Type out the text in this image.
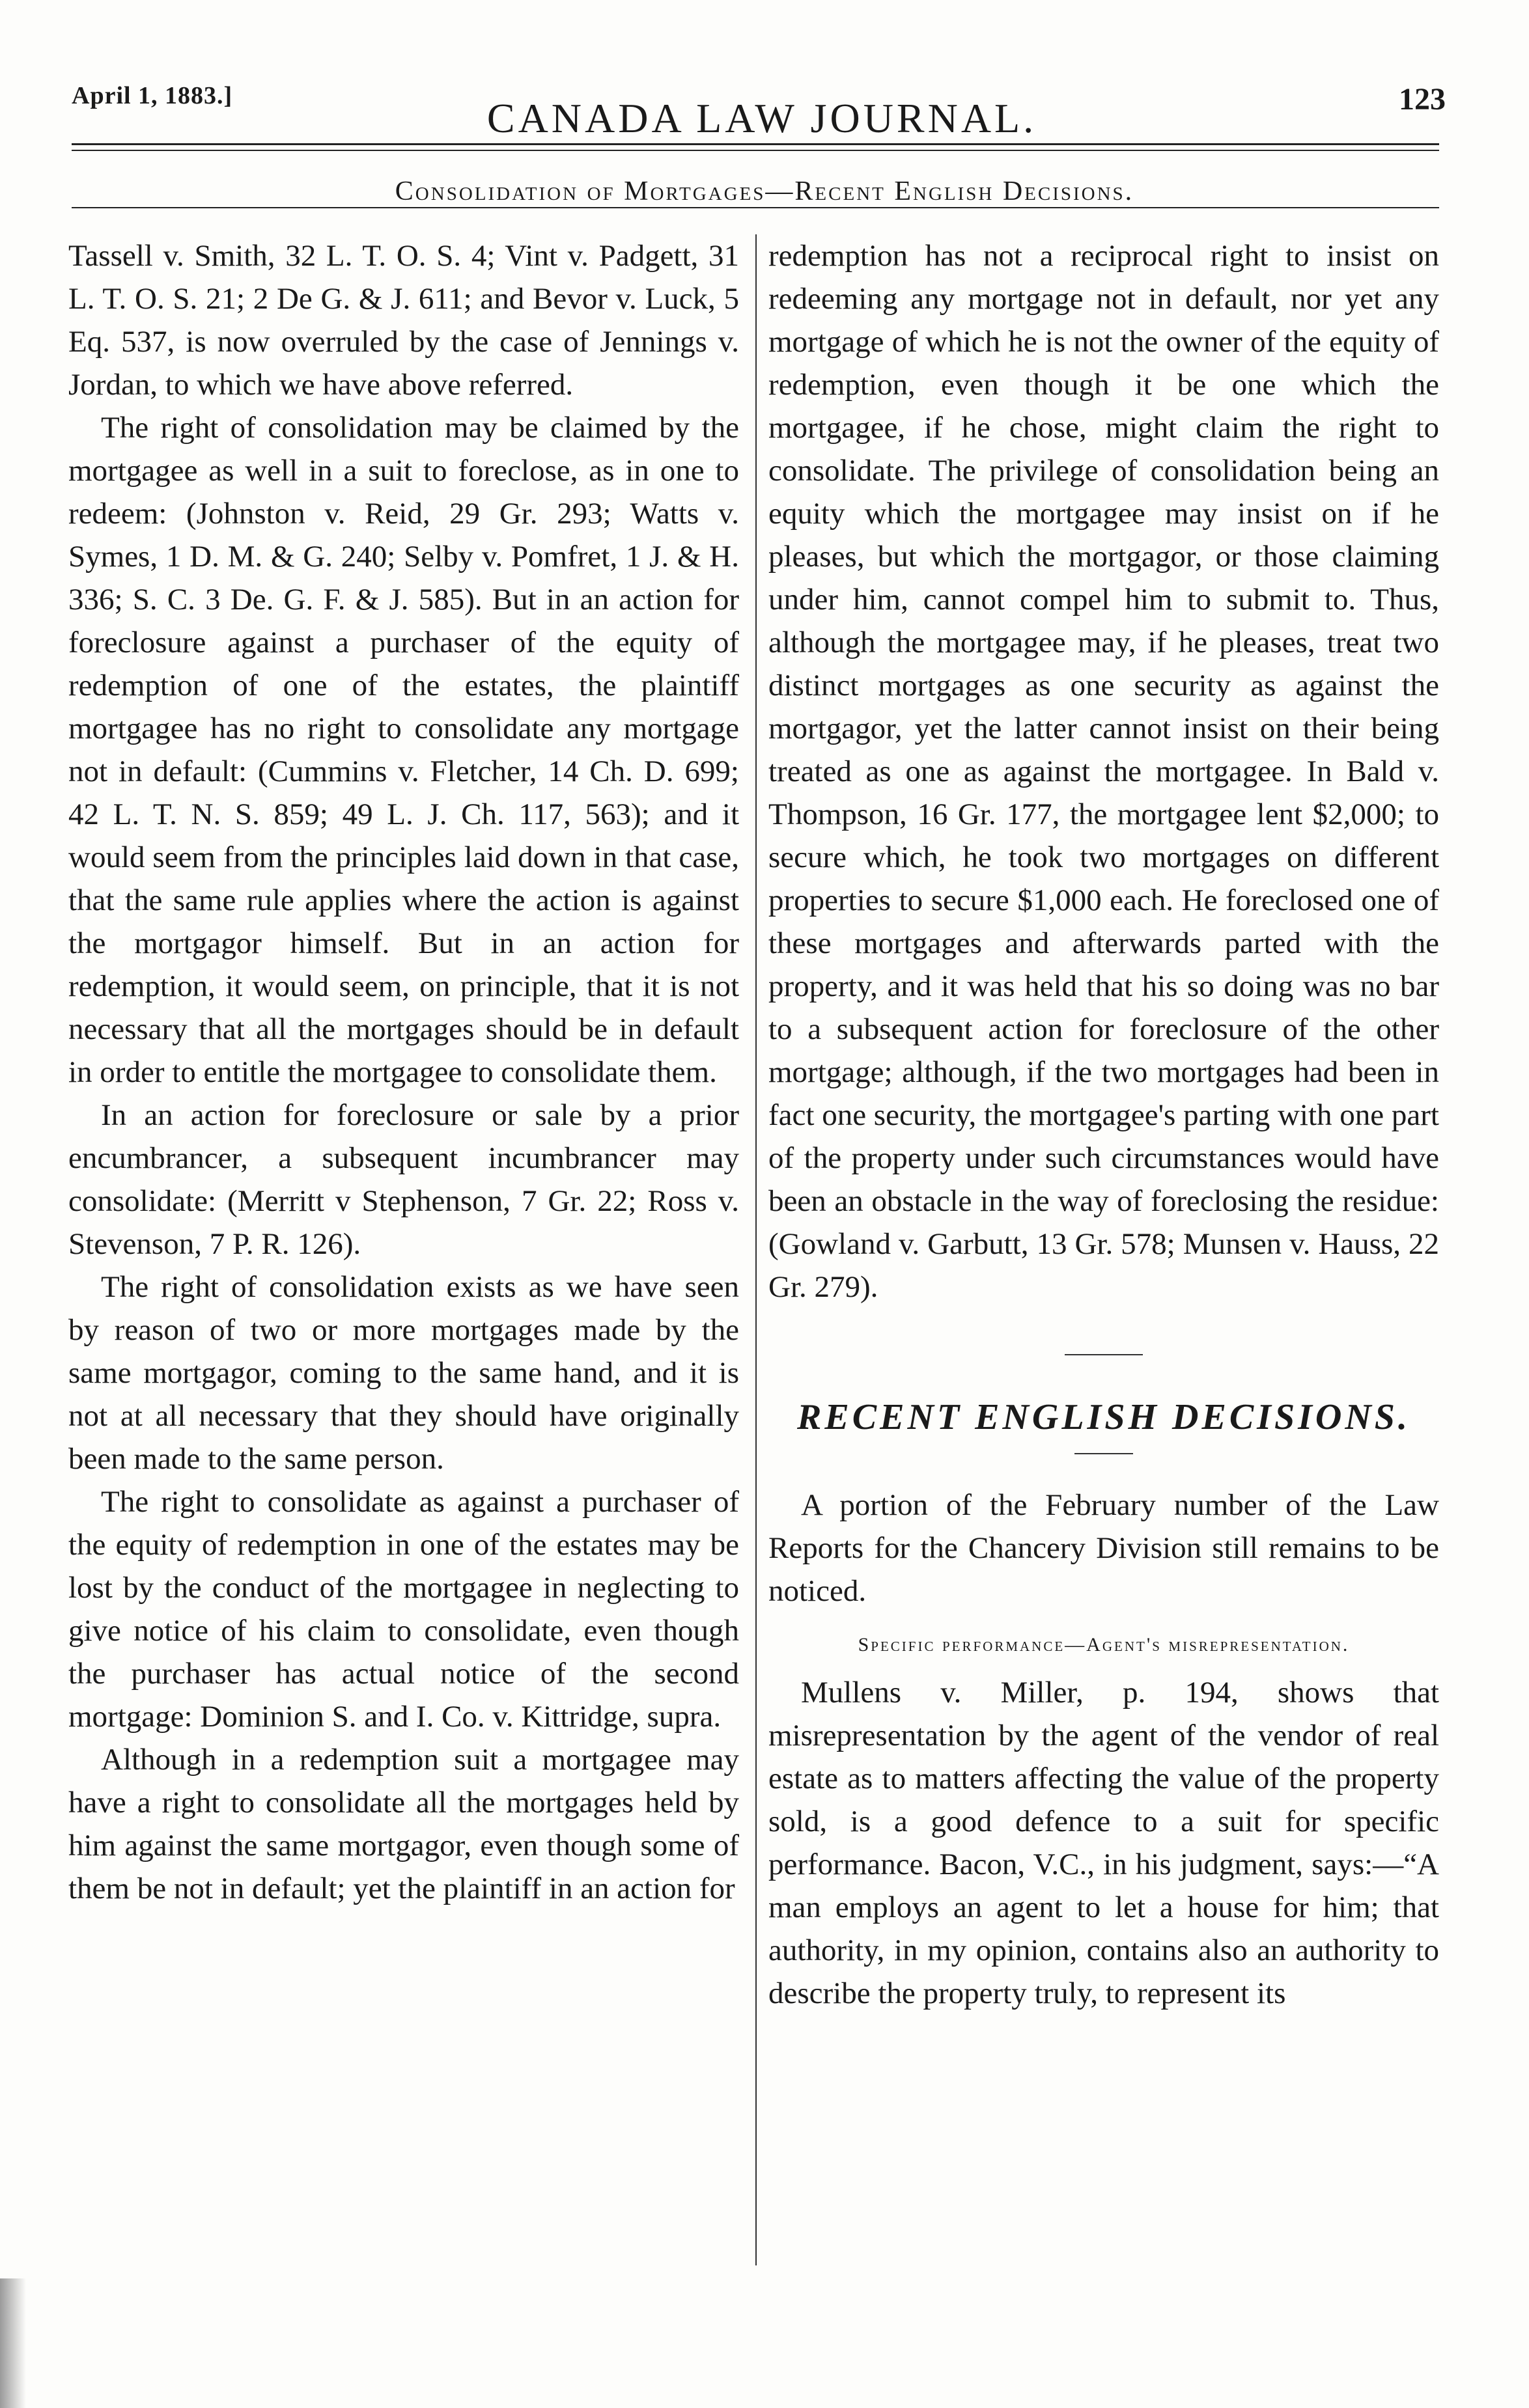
April 1, 1883.]	CANADA LAW JOURNAL.	123
Consolidation of Mortgages—Recent English Decisions.

Tassell v. Smith, 32 L. T. O. S. 4; Vint v. Padgett, 31 L. T. O. S. 21; 2 De G. & J. 611; and Bevor v. Luck, 5 Eq. 537, is now overruled by the case of Jennings v. Jordan, to which we have above referred.

The right of consolidation may be claimed by the mortgagee as well in a suit to foreclose, as in one to redeem: (Johnston v. Reid, 29 Gr. 293; Watts v. Symes, 1 D. M. & G. 240; Selby v. Pomfret, 1 J. & H. 336; S. C. 3 De. G. F. & J. 585). But in an action for foreclosure against a purchaser of the equity of redemption of one of the estates, the plaintiff mortgagee has no right to consolidate any mortgage not in default: (Cummins v. Fletcher, 14 Ch. D. 699; 42 L. T. N. S. 859; 49 L. J. Ch. 117, 563); and it would seem from the principles laid down in that case, that the same rule applies where the action is against the mortgagor himself. But in an action for redemption, it would seem, on principle, that it is not necessary that all the mortgages should be in default in order to entitle the mortgagee to consolidate them.

In an action for foreclosure or sale by a prior encumbrancer, a subsequent incumbrancer may consolidate: (Merritt v Stephenson, 7 Gr. 22; Ross v. Stevenson, 7 P. R. 126).

The right of consolidation exists as we have seen by reason of two or more mortgages made by the same mortgagor, coming to the same hand, and it is not at all necessary that they should have originally been made to the same person.

The right to consolidate as against a purchaser of the equity of redemption in one of the estates may be lost by the conduct of the mortgagee in neglecting to give notice of his claim to consolidate, even though the purchaser has actual notice of the second mortgage: Dominion S. and I. Co. v. Kittridge, supra.

Although in a redemption suit a mortgagee may have a right to consolidate all the mortgages held by him against the same mortgagor, even though some of them be not in default; yet the plaintiff in an action for

redemption has not a reciprocal right to insist on redeeming any mortgage not in default, nor yet any mortgage of which he is not the owner of the equity of redemption, even though it be one which the mortgagee, if he chose, might claim the right to consolidate. The privilege of consolidation being an equity which the mortgagee may insist on if he pleases, but which the mortgagor, or those claiming under him, cannot compel him to submit to. Thus, although the mortgagee may, if he pleases, treat two distinct mortgages as one security as against the mortgagor, yet the latter cannot insist on their being treated as one as against the mortgagee. In Bald v. Thompson, 16 Gr. 177, the mortgagee lent $2,000; to secure which, he took two mortgages on different properties to secure $1,000 each. He foreclosed one of these mortgages and afterwards parted with the property, and it was held that his so doing was no bar to a subsequent action for foreclosure of the other mortgage; although, if the two mortgages had been in fact one security, the mortgagee's parting with one part of the property under such circumstances would have been an obstacle in the way of foreclosing the residue: (Gowland v. Garbutt, 13 Gr. 578; Munsen v. Hauss, 22 Gr. 279).

RECENT ENGLISH DECISIONS.

A portion of the February number of the Law Reports for the Chancery Division still remains to be noticed.

Specific performance—Agent's misrepresentation.

Mullens v. Miller, p. 194, shows that misrepresentation by the agent of the vendor of real estate as to matters affecting the value of the property sold, is a good defence to a suit for specific performance. Bacon, V.C., in his judgment, says:—“A man employs an agent to let a house for him; that authority, in my opinion, contains also an authority to describe the property truly, to represent its
